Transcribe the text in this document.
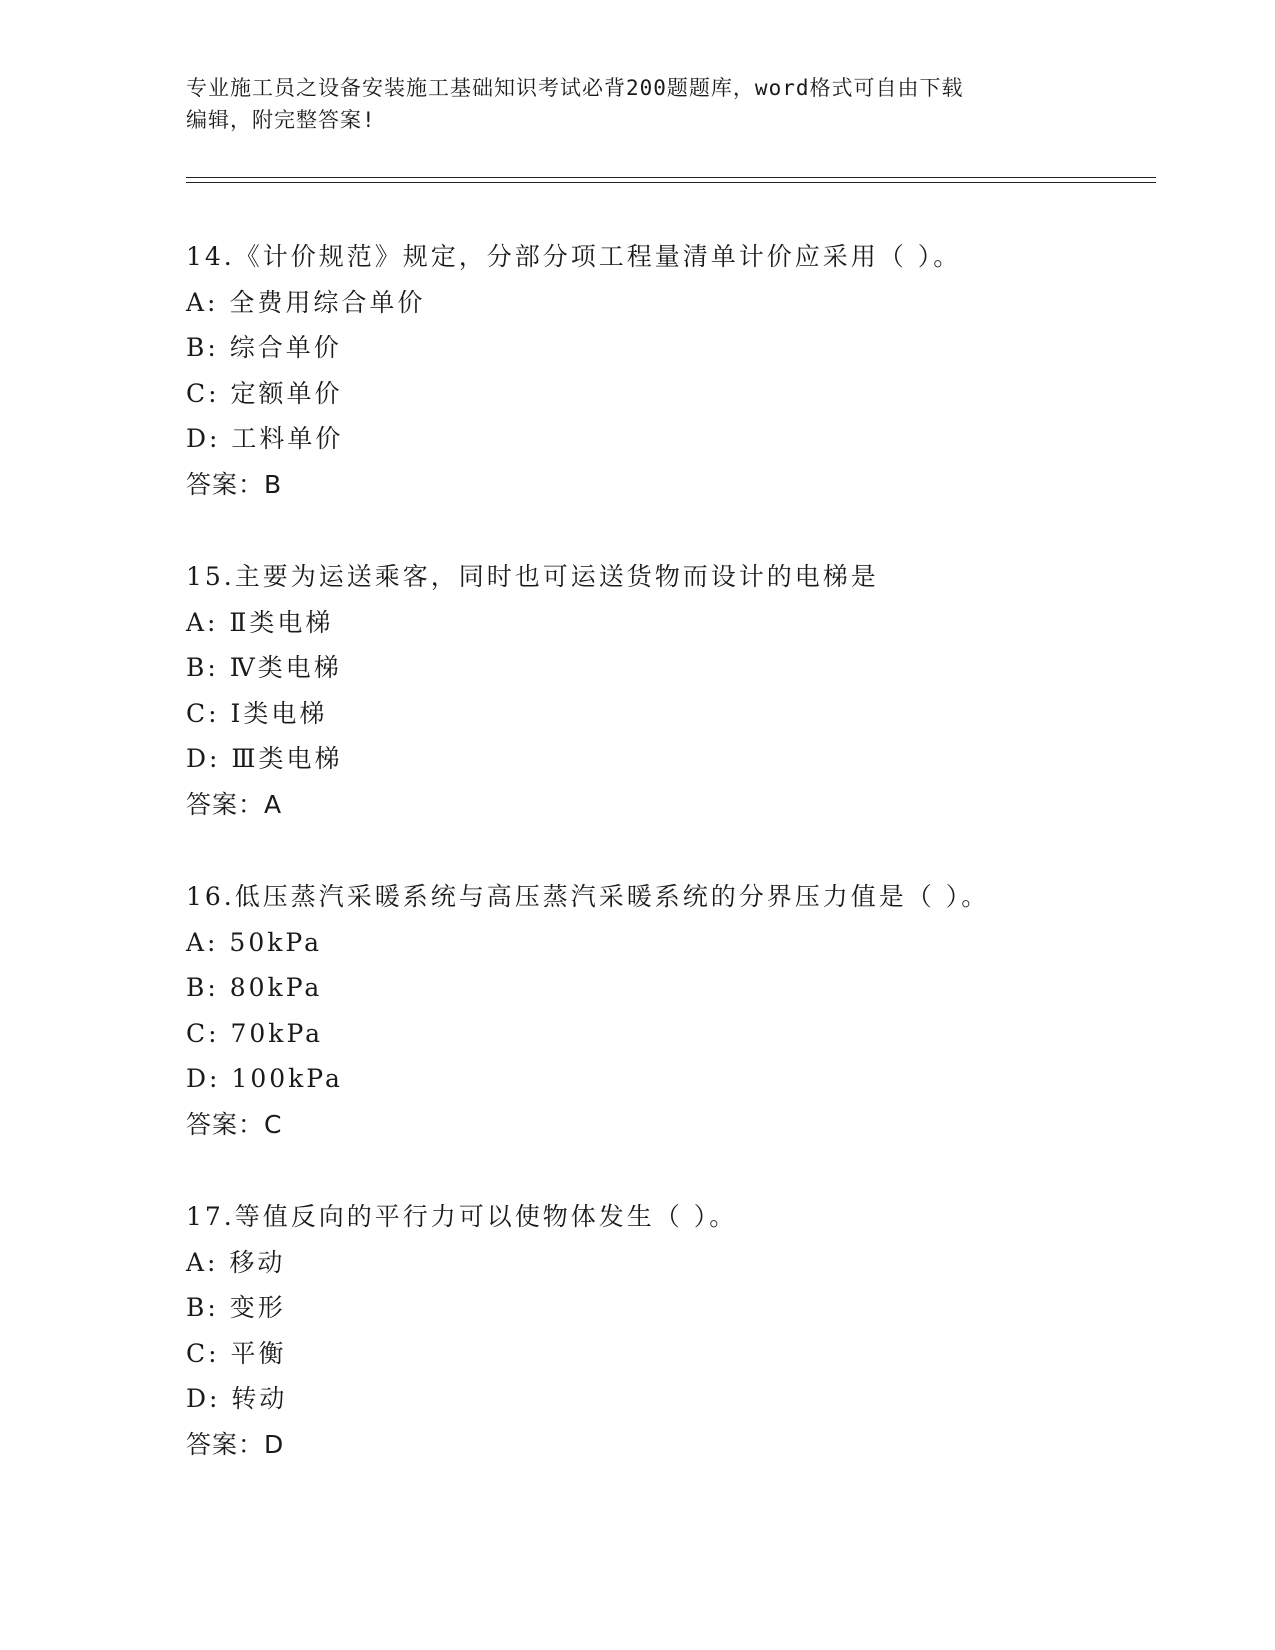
专业施工员之设备安装施工基础知识考试必背200题题库，word格式可自由下载
编辑，附完整答案!
14.《计价规范》规定，分部分项工程量清单计价应采用（ ）。
A: 全费用综合单价
B: 综合单价
C: 定额单价
D: 工料单价
答案：B
15.主要为运送乘客，同时也可运送货物而设计的电梯是
A: Ⅱ类电梯
B: Ⅳ类电梯
C: Ⅰ类电梯
D: Ⅲ类电梯
答案：A
16.低压蒸汽采暖系统与高压蒸汽采暖系统的分界压力值是（ ）。
A: 50kPa
B: 80kPa
C: 70kPa
D: 100kPa
答案：C
17.等值反向的平行力可以使物体发生（ ）。
A: 移动
B: 变形
C: 平衡
D: 转动
答案：D
